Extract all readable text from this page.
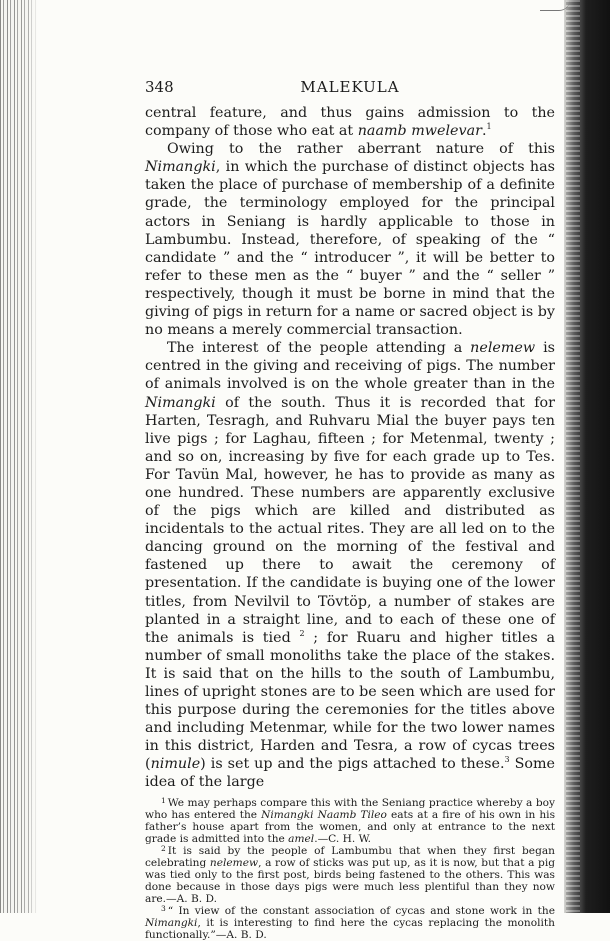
348	MALEKULA

central feature, and thus gains admission to the company of those who eat at naamb mwelevar.$^1$

Owing to the rather aberrant nature of this Nimangki, in which the purchase of distinct objects has taken the place of purchase of membership of a definite grade, the terminology employed for the principal actors in Seniang is hardly applicable to those in Lambumbu. Instead, therefore, of speaking of the “ candidate ” and the “ introducer ”, it will be better to refer to these men as the “ buyer ” and the “ seller ” respectively, though it must be borne in mind that the giving of pigs in return for a name or sacred object is by no means a merely commercial transaction.

The interest of the people attending a nelemew is centred in the giving and receiving of pigs. The number of animals involved is on the whole greater than in the Nimangki of the south. Thus it is recorded that for Harten, Tesragh, and Ruhvaru Mial the buyer pays ten live pigs ; for Laghau, fifteen ; for Metenmal, twenty ; and so on, increasing by five for each grade up to Tes. For Tavün Mal, however, he has to provide as many as one hundred. These numbers are apparently exclusive of the pigs which are killed and distributed as incidentals to the actual rites. They are all led on to the dancing ground on the morning of the festival and fastened up there to await the ceremony of presentation. If the candidate is buying one of the lower titles, from Nevilvil to Tövtöp, a number of stakes are planted in a straight line, and to each of these one of the animals is tied $^2$ ; for Ruaru and higher titles a number of small monoliths take the place of the stakes. It is said that on the hills to the south of Lambumbu, lines of upright stones are to be seen which are used for this purpose during the ceremonies for the titles above and including Metenmar, while for the two lower names in this district, Harden and Tesra, a row of cycas trees (nimule) is set up and the pigs attached to these.$^3$ Some idea of the large

$^1$ We may perhaps compare this with the Seniang practice whereby a boy who has entered the Nimangki Naamb Tileo eats at a fire of his own in his father’s house apart from the women, and only at entrance to the next grade is admitted into the amel.—C. H. W.

$^2$ It is said by the people of Lambumbu that when they first began celebrating nelemew, a row of sticks was put up, as it is now, but that a pig was tied only to the first post, birds being fastened to the others. This was done because in those days pigs were much less plentiful than they now are.—A. B. D.

$^3$ “ In view of the constant association of cycas and stone work in the Nimangki, it is interesting to find here the cycas replacing the monolith functionally.”—A. B. D.
